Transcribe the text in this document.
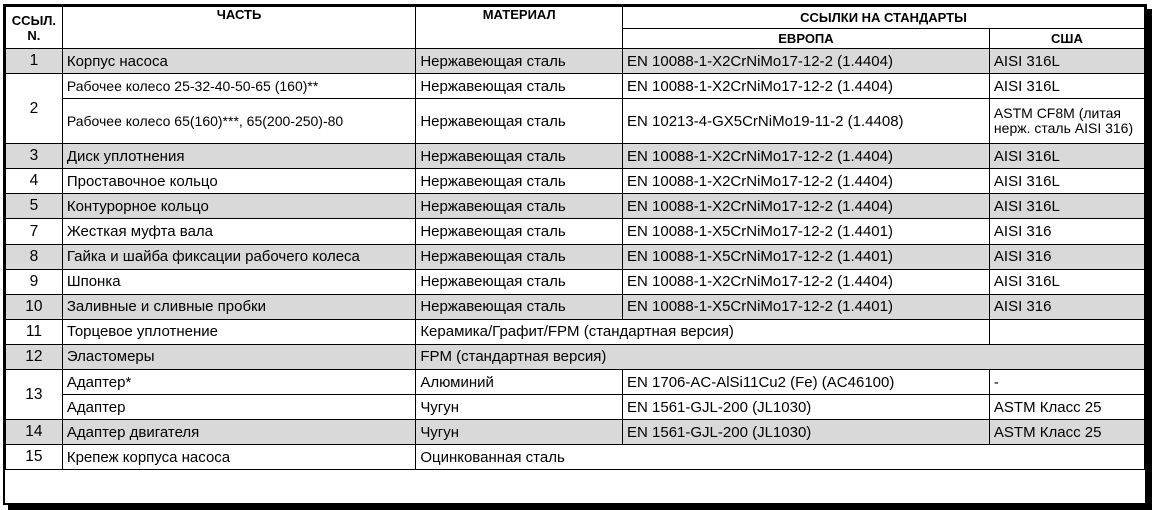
ССЫЛ.
N.	ЧАСТЬ	МАТЕРИАЛ	ССЫЛКИ НА СТАНДАРТЫ	
			ЕВРОПА	США
1	Корпус насоса	Нержавеющая сталь	EN 10088-1-X2CrNiMo17-12-2 (1.4404)	AISI 316L
2	Рабочее колесо 25-32-40-50-65 (160)**	Нержавеющая сталь	EN 10088-1-X2CrNiMo17-12-2 (1.4404)	AISI 316L
	Рабочее колесо 65(160)***, 65(200-250)-80	Нержавеющая сталь	EN 10213-4-GX5CrNiMo19-11-2 (1.4408)	ASTM CF8M (литая нерж. сталь AISI 316)
3	Диск уплотнения	Нержавеющая сталь	EN 10088-1-X2CrNiMo17-12-2 (1.4404)	AISI 316L
4	Проставочное кольцо	Нержавеющая сталь	EN 10088-1-X2CrNiMo17-12-2 (1.4404)	AISI 316L
5	Контурорное кольцо	Нержавеющая сталь	EN 10088-1-X2CrNiMo17-12-2 (1.4404)	AISI 316L
7	Жесткая муфта вала	Нержавеющая сталь	EN 10088-1-X5CrNiMo17-12-2 (1.4401)	AISI 316
8	Гайка и шайба фиксации рабочего колеса	Нержавеющая сталь	EN 10088-1-X5CrNiMo17-12-2 (1.4401)	AISI 316
9	Шпонка	Нержавеющая сталь	EN 10088-1-X2CrNiMo17-12-2 (1.4404)	AISI 316L
10	Заливные и сливные пробки	Нержавеющая сталь	EN 10088-1-X5CrNiMo17-12-2 (1.4401)	AISI 316
11	Торцевое уплотнение	Керамика/Графит/FPM (стандартная версия)		
12	Эластомеры	FPM (стандартная версия)		
13	Адаптер*	Алюминий	EN 1706-AC-AlSi11Cu2 (Fe) (AC46100)	-
	Адаптер	Чугун	EN 1561-GJL-200 (JL1030)	ASTM Класс 25
14	Адаптер двигателя	Чугун	EN 1561-GJL-200 (JL1030)	ASTM Класс 25
15	Крепеж корпуса насоса	Оцинкованная сталь		
